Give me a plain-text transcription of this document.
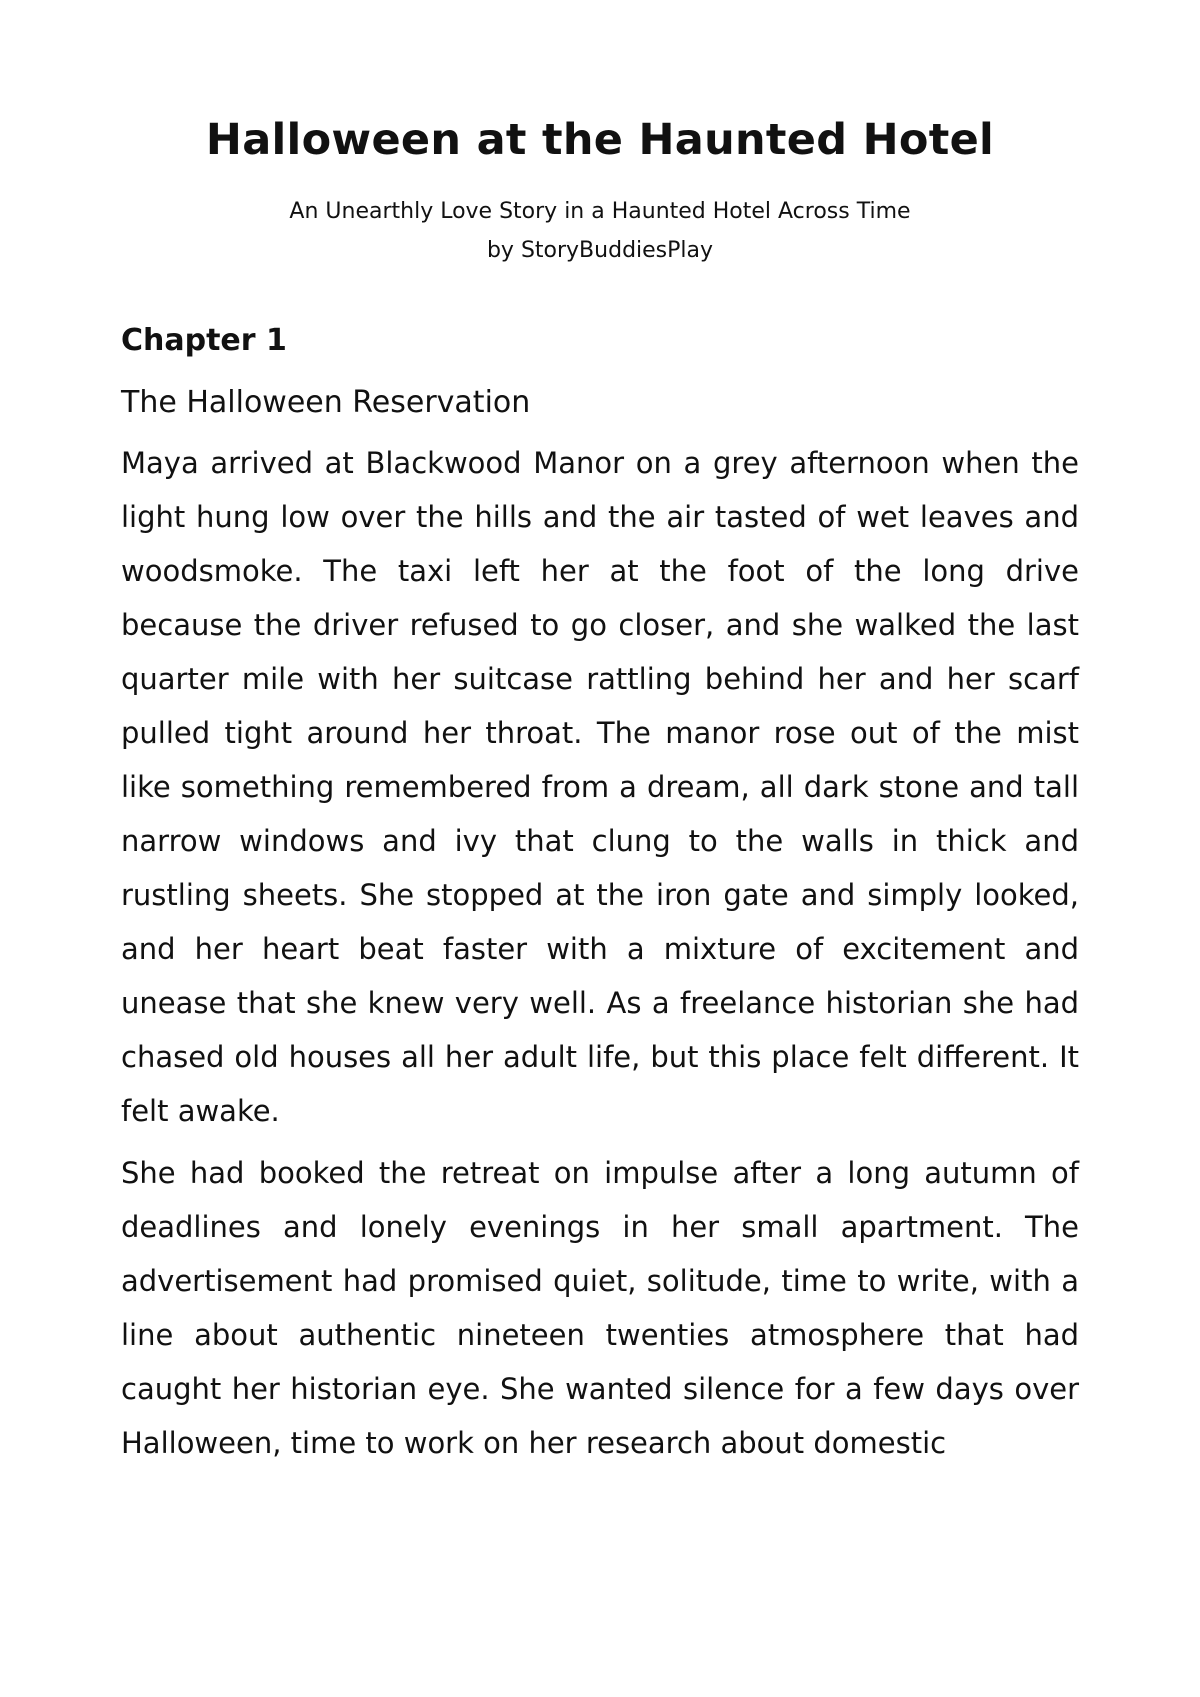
Halloween at the Haunted Hotel

An Unearthly Love Story in a Haunted Hotel Across Time

by StoryBuddiesPlay

Chapter 1

The Halloween Reservation

Maya arrived at Blackwood Manor on a grey afternoon when the light hung low over the hills and the air tasted of wet leaves and woodsmoke. The taxi left her at the foot of the long drive because the driver refused to go closer, and she walked the last quarter mile with her suitcase rattling behind her and her scarf pulled tight around her throat. The manor rose out of the mist like something remembered from a dream, all dark stone and tall narrow windows and ivy that clung to the walls in thick and rustling sheets. She stopped at the iron gate and simply looked, and her heart beat faster with a mixture of excitement and unease that she knew very well. As a freelance historian she had chased old houses all her adult life, but this place felt different. It felt awake.

She had booked the retreat on impulse after a long autumn of deadlines and lonely evenings in her small apartment. The advertisement had promised quiet, solitude, time to write, with a line about authentic nineteen twenties atmosphere that had caught her historian eye. She wanted silence for a few days over Halloween, time to work on her research about domestic
